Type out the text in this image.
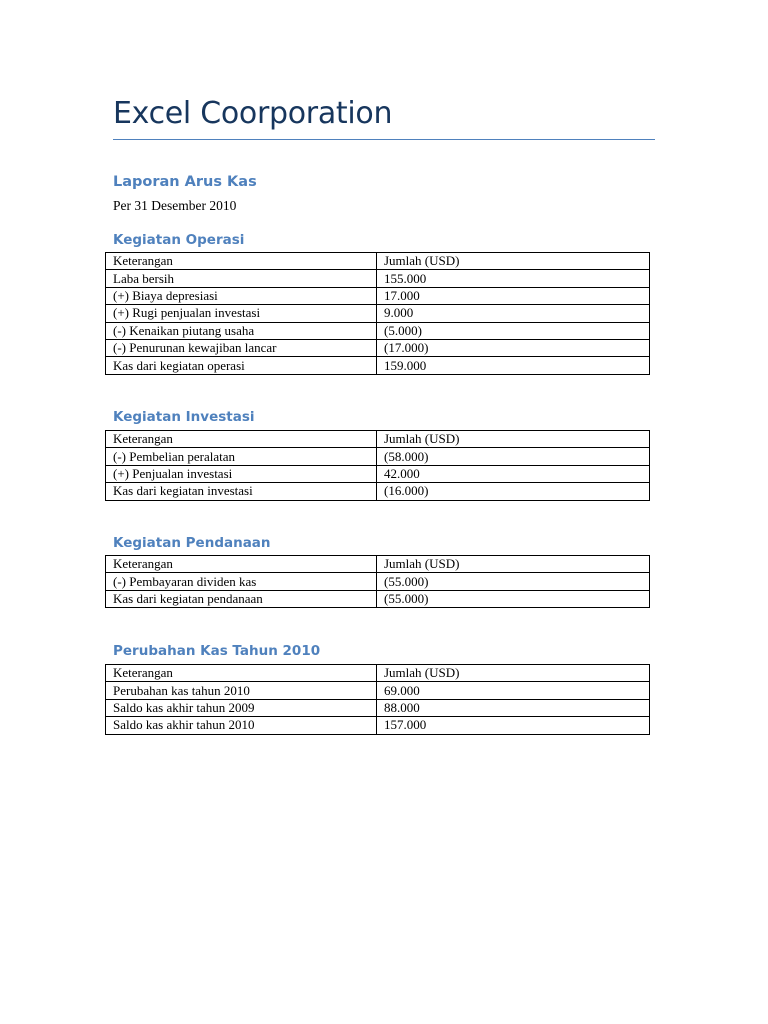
Excel Coorporation
Laporan Arus Kas

Per 31 Desember 2010

Kegiatan Operasi
Keterangan	Jumlah (USD)
Laba bersih	155.000
(+) Biaya depresiasi	17.000
(+) Rugi penjualan investasi	9.000
(-) Kenaikan piutang usaha	(5.000)
(-) Penurunan kewajiban lancar	(17.000)
Kas dari kegiatan operasi	159.000
Kegiatan Investasi
Keterangan	Jumlah (USD)
(-) Pembelian peralatan	(58.000)
(+) Penjualan investasi	42.000
Kas dari kegiatan investasi	(16.000)
Kegiatan Pendanaan
Keterangan	Jumlah (USD)
(-) Pembayaran dividen kas	(55.000)
Kas dari kegiatan pendanaan	(55.000)
Perubahan Kas Tahun 2010
Keterangan	Jumlah (USD)
Perubahan kas tahun 2010	69.000
Saldo kas akhir tahun 2009	88.000
Saldo kas akhir tahun 2010	157.000
